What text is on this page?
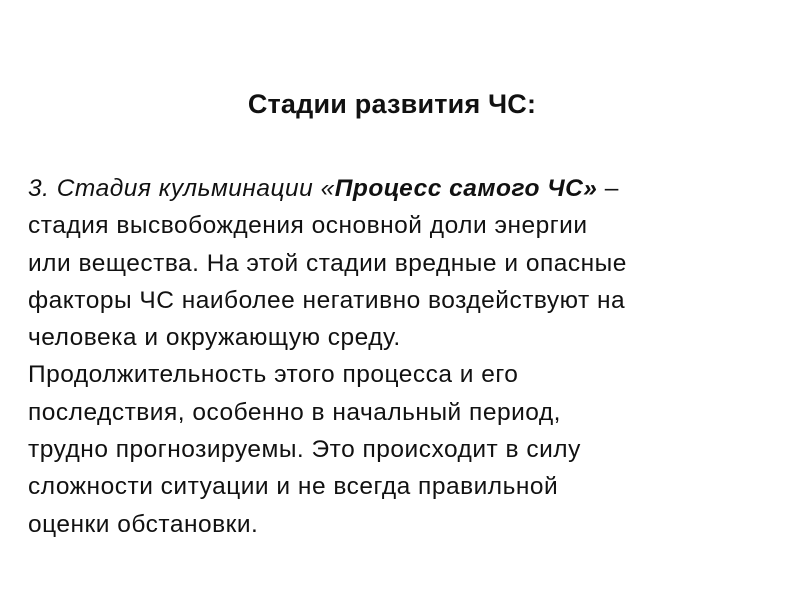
Стадии развития ЧС:
3. Стадия кульминации «Процесс самого ЧС» –
стадия высвобождения основной доли энергии
или вещества. На этой стадии вредные и опасные
факторы ЧС наиболее негативно воздействуют на
человека и окружающую среду.
Продолжительность этого процесса и его
последствия, особенно в начальный период,
трудно прогнозируемы. Это происходит в силу
сложности ситуации и не всегда правильной
оценки обстановки.
